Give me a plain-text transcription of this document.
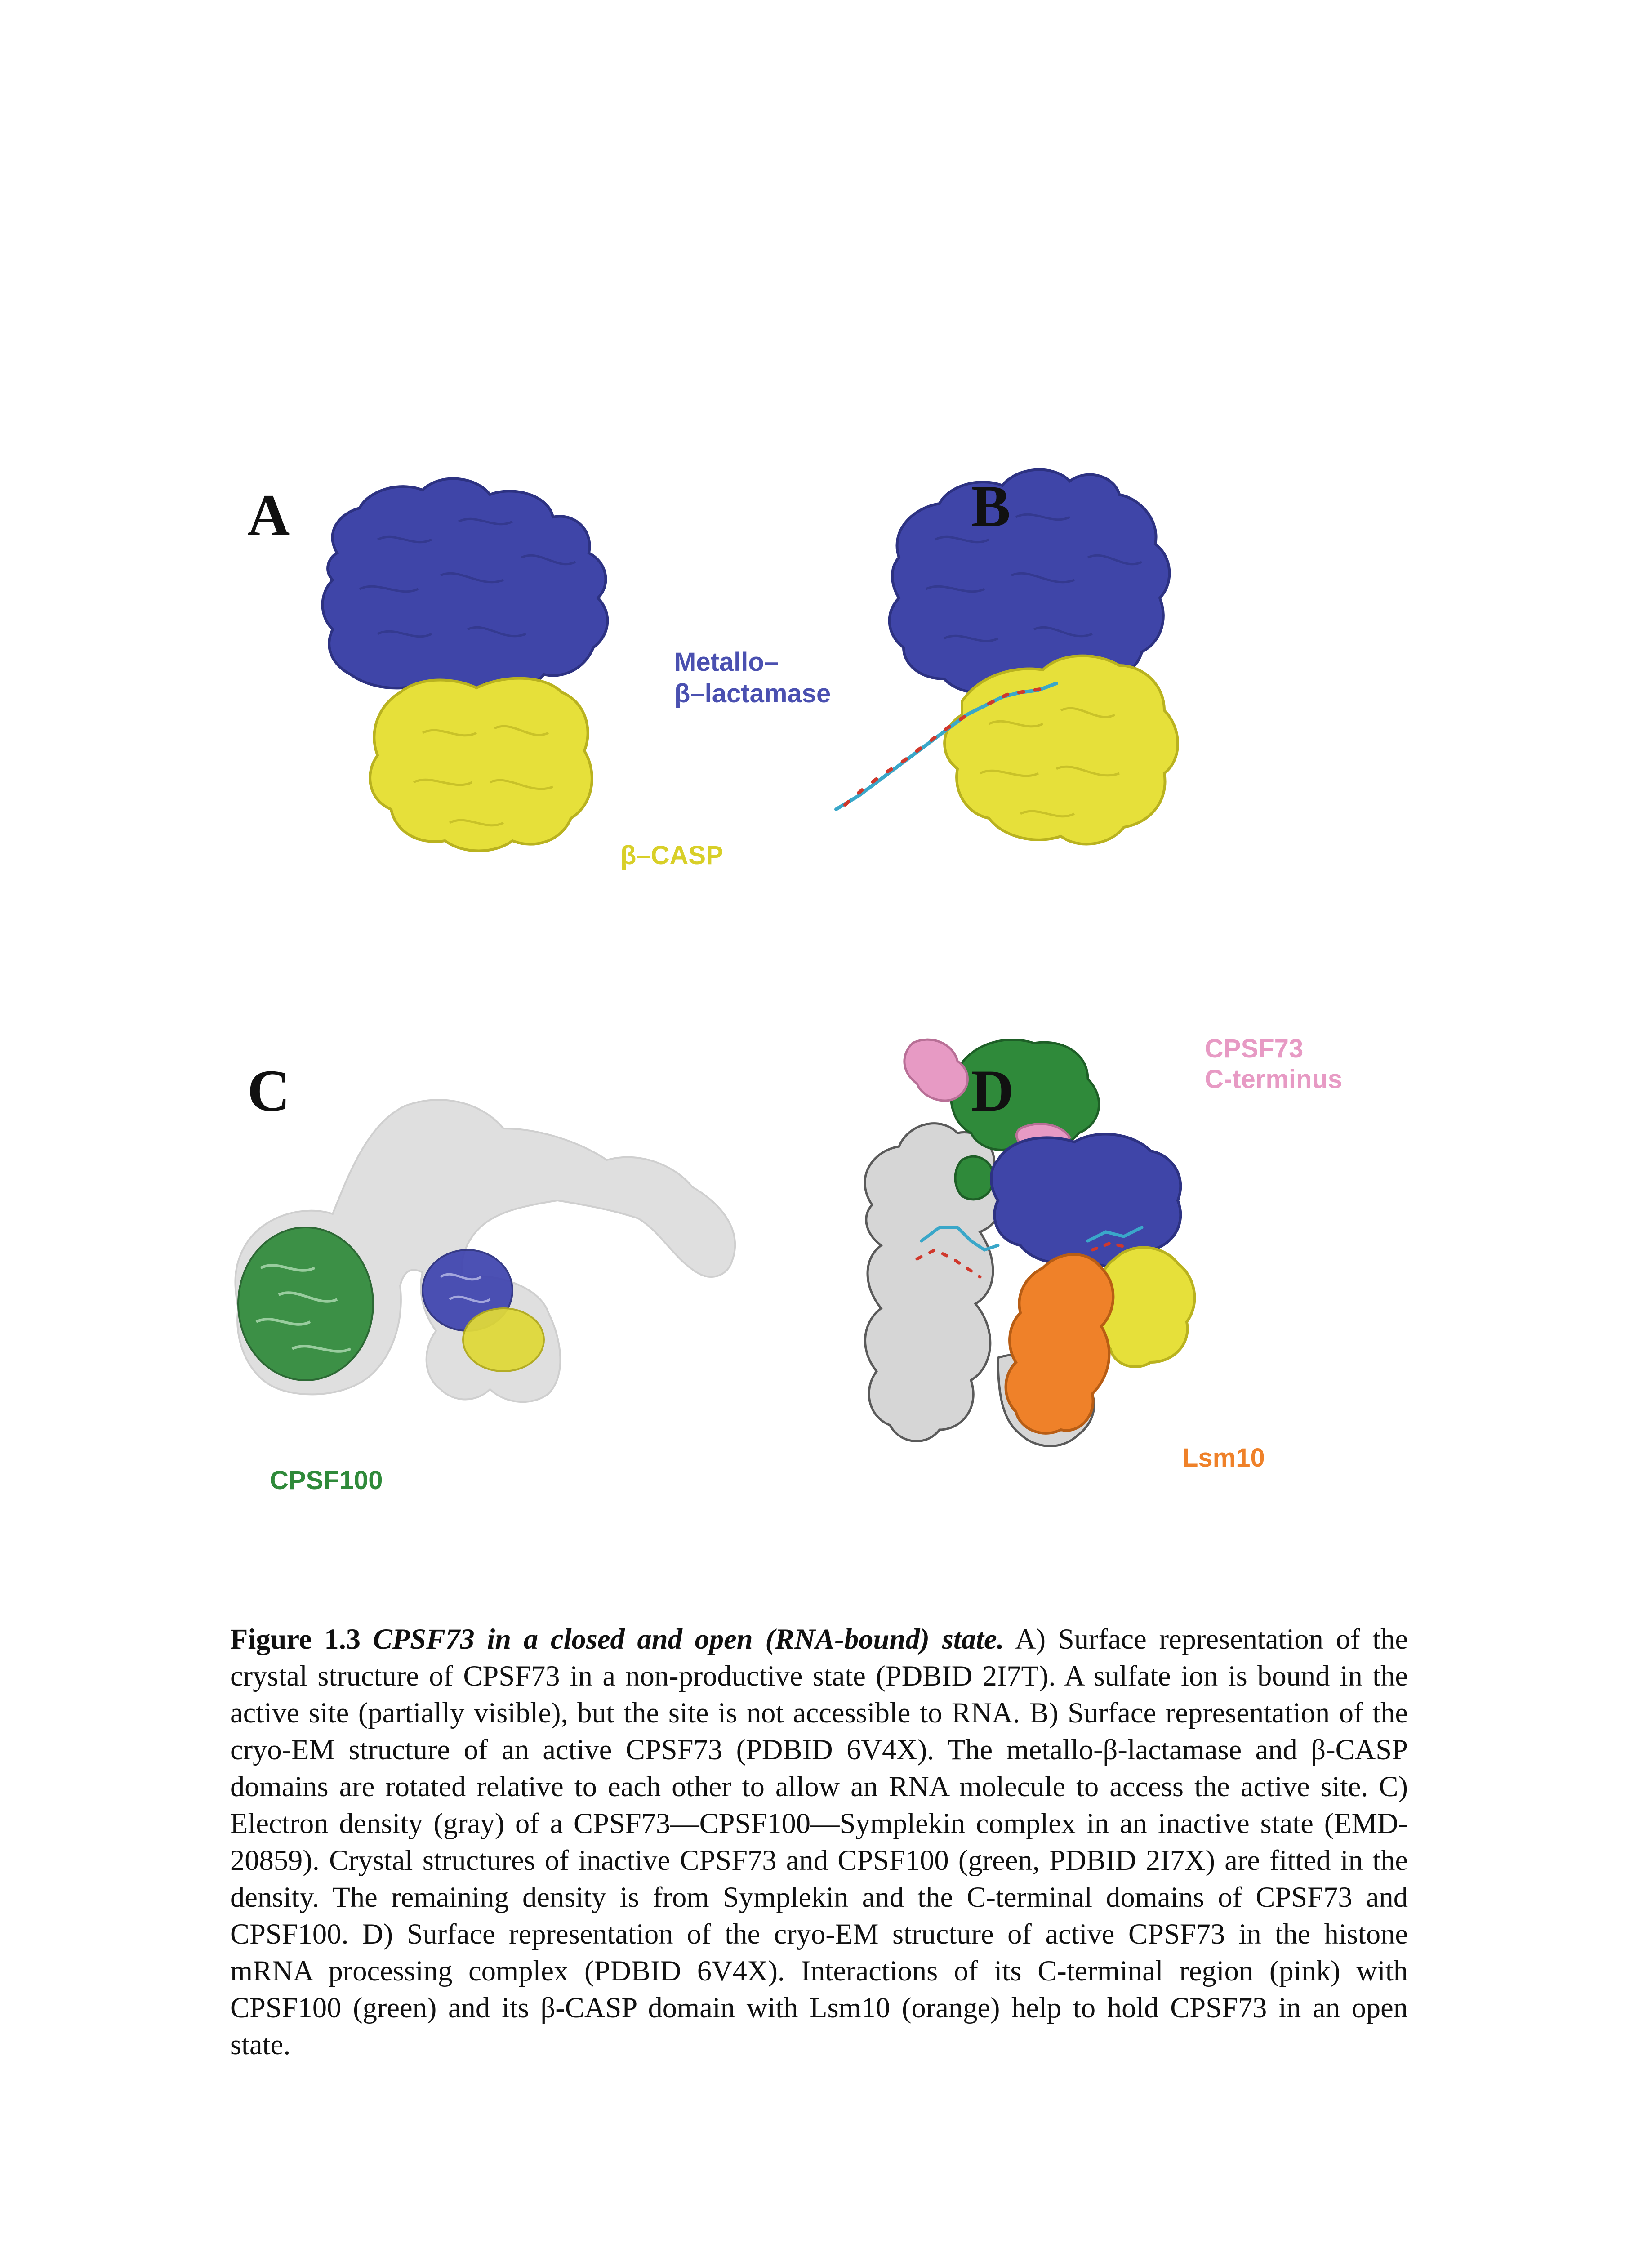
A
Metallo–
β–lactamase
β–CASP
B
C
CPSF100
D
CPSF73
C-terminus
Lsm10
Figure 1.3 CPSF73 in a closed and open (RNA-bound) state. A) Surface representation of the crystal structure of CPSF73 in a non-productive state (PDBID 2I7T). A sulfate ion is bound in the active site (partially visible), but the site is not accessible to RNA. B) Surface representation of the cryo-EM structure of an active CPSF73 (PDBID 6V4X). The metallo-β-lactamase and β-CASP domains are rotated relative to each other to allow an RNA molecule to access the active site. C) Electron density (gray) of a CPSF73—CPSF100—Symplekin complex in an inactive state (EMD-20859). Crystal structures of inactive CPSF73 and CPSF100 (green, PDBID 2I7X) are fitted in the density. The remaining density is from Symplekin and the C-terminal domains of CPSF73 and CPSF100. D) Surface representation of the cryo-EM structure of active CPSF73 in the histone mRNA processing complex (PDBID 6V4X). Interactions of its C-terminal region (pink) with CPSF100 (green) and its β-CASP domain with Lsm10 (orange) help to hold CPSF73 in an open state.
